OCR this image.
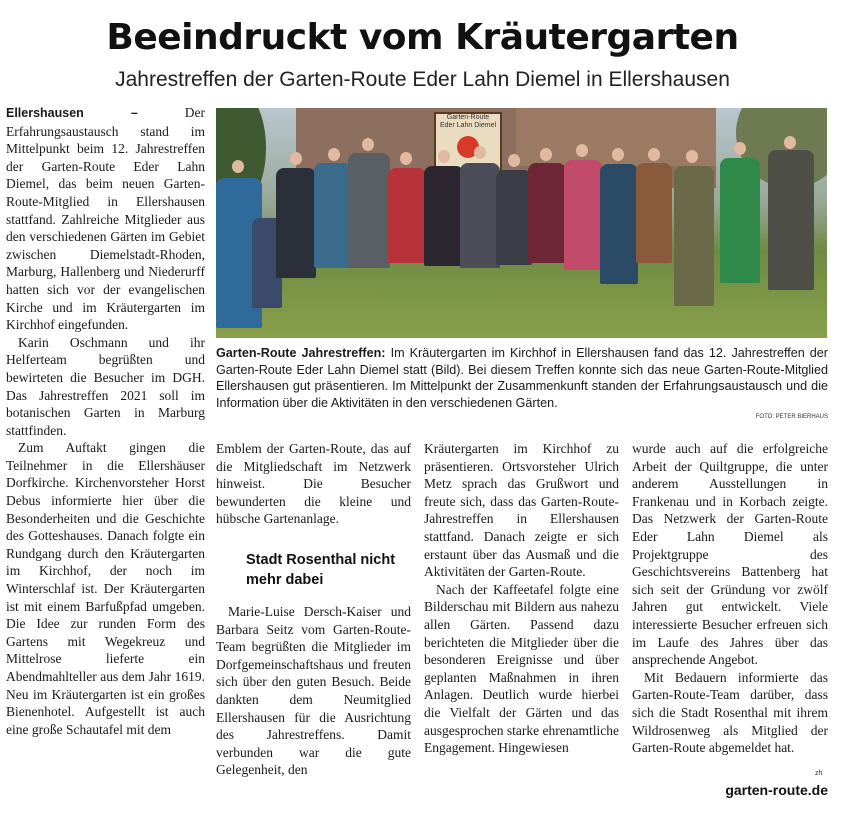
Beeindruckt vom Kräutergarten
Jahrestreffen der Garten-Route Eder Lahn Diemel in Ellershausen

Ellershausen –	Der Erfahrungsaustausch stand im Mittelpunkt beim 12. Jahrestreffen der Garten-Route Eder Lahn Diemel, das beim neuen Garten-Route-Mitglied in Ellershausen stattfand. Zahlreiche Mitglieder aus den verschiedenen Gärten im Gebiet zwischen Diemelstadt-Rhoden, Marburg, Hallenberg und Niederurff hatten sich vor der evangelischen Kirche und im Kräutergarten im Kirchhof eingefunden.

Karin Oschmann und ihr Helferteam begrüßten und bewirteten die Besucher im DGH. Das Jahrestreffen 2021 soll im botanischen Garten in Marburg stattfinden.

Zum Auftakt gingen die Teilnehmer in die Ellershäuser Dorfkirche. Kirchenvorsteher Horst Debus informierte hier über die Besonderheiten und die Geschichte des Gotteshauses. Danach folgte ein Rundgang durch den Kräutergarten im Kirchhof, der noch im Winterschlaf ist. Der Kräutergarten ist mit einem Barfußpfad umgeben. Die Idee zur runden Form des Gartens mit Wegekreuz und Mittelrose lieferte ein Abendmahlteller aus dem Jahr 1619. Neu im Kräutergarten ist ein großes Bienenhotel. Aufgestellt ist auch eine große Schautafel mit dem

Garten-Route
Eder Lahn Diemel
Garten-Route Jahrestreffen: Im Kräutergarten im Kirchhof in Ellershausen fand das 12. Jahrestreffen der Garten-Route Eder Lahn Diemel statt (Bild). Bei diesem Treffen konnte sich das neue Garten-Route-Mitglied Ellershausen gut präsentieren. Im Mittelpunkt der Zusammenkunft standen der Erfahrungsaustausch und die Information über die Aktivitäten in den verschiedenen Gärten.
FOTO: PETER BIERHAUS

Emblem der Garten-Route, das auf die Mitgliedschaft im Netzwerk hinweist. Die Besucher bewunderten die kleine und hübsche Gartenanlage.

Stadt Rosenthal nicht mehr dabei

Marie-Luise Dersch-Kaiser und Barbara Seitz vom Garten-Route-Team begrüßten die Mitglieder im Dorfgemeinschaftshaus und freuten sich über den guten Besuch. Beide dankten dem Neumitglied Ellershausen für die Ausrichtung des Jahrestreffens. Damit verbunden war die gute Gelegenheit, den

Kräutergarten im Kirchhof zu präsentieren. Ortsvorsteher Ulrich Metz sprach das Grußwort und freute sich, dass das Garten-Route-Jahrestreffen in Ellershausen stattfand. Danach zeigte er sich erstaunt über das Ausmaß und die Aktivitäten der Garten-Route.

Nach der Kaffeetafel folgte eine Bilderschau mit Bildern aus nahezu allen Gärten. Passend dazu berichteten die Mitglieder über die besonderen Ereignisse und über geplanten Maßnahmen in ihren Anlagen. Deutlich wurde hierbei die Vielfalt der Gärten und das ausgesprochen starke ehrenamtliche Engagement. Hingewiesen

wurde auch auf die erfolgreiche Arbeit der Quiltgruppe, die unter anderem Ausstellungen in Frankenau und in Korbach zeigte. Das Netzwerk der Garten-Route Eder Lahn Diemel als Projektgruppe des Geschichtsvereins Battenberg hat sich seit der Gründung vor zwölf Jahren gut entwickelt. Viele interessierte Besucher erfreuen sich im Laufe des Jahres über das ansprechende Angebot.

Mit Bedauern informierte das Garten-Route-Team darüber, dass sich die Stadt Rosenthal mit ihrem Wildrosenweg als Mitglied der Garten-Route abgemeldet hat.

zh
garten-route.de
